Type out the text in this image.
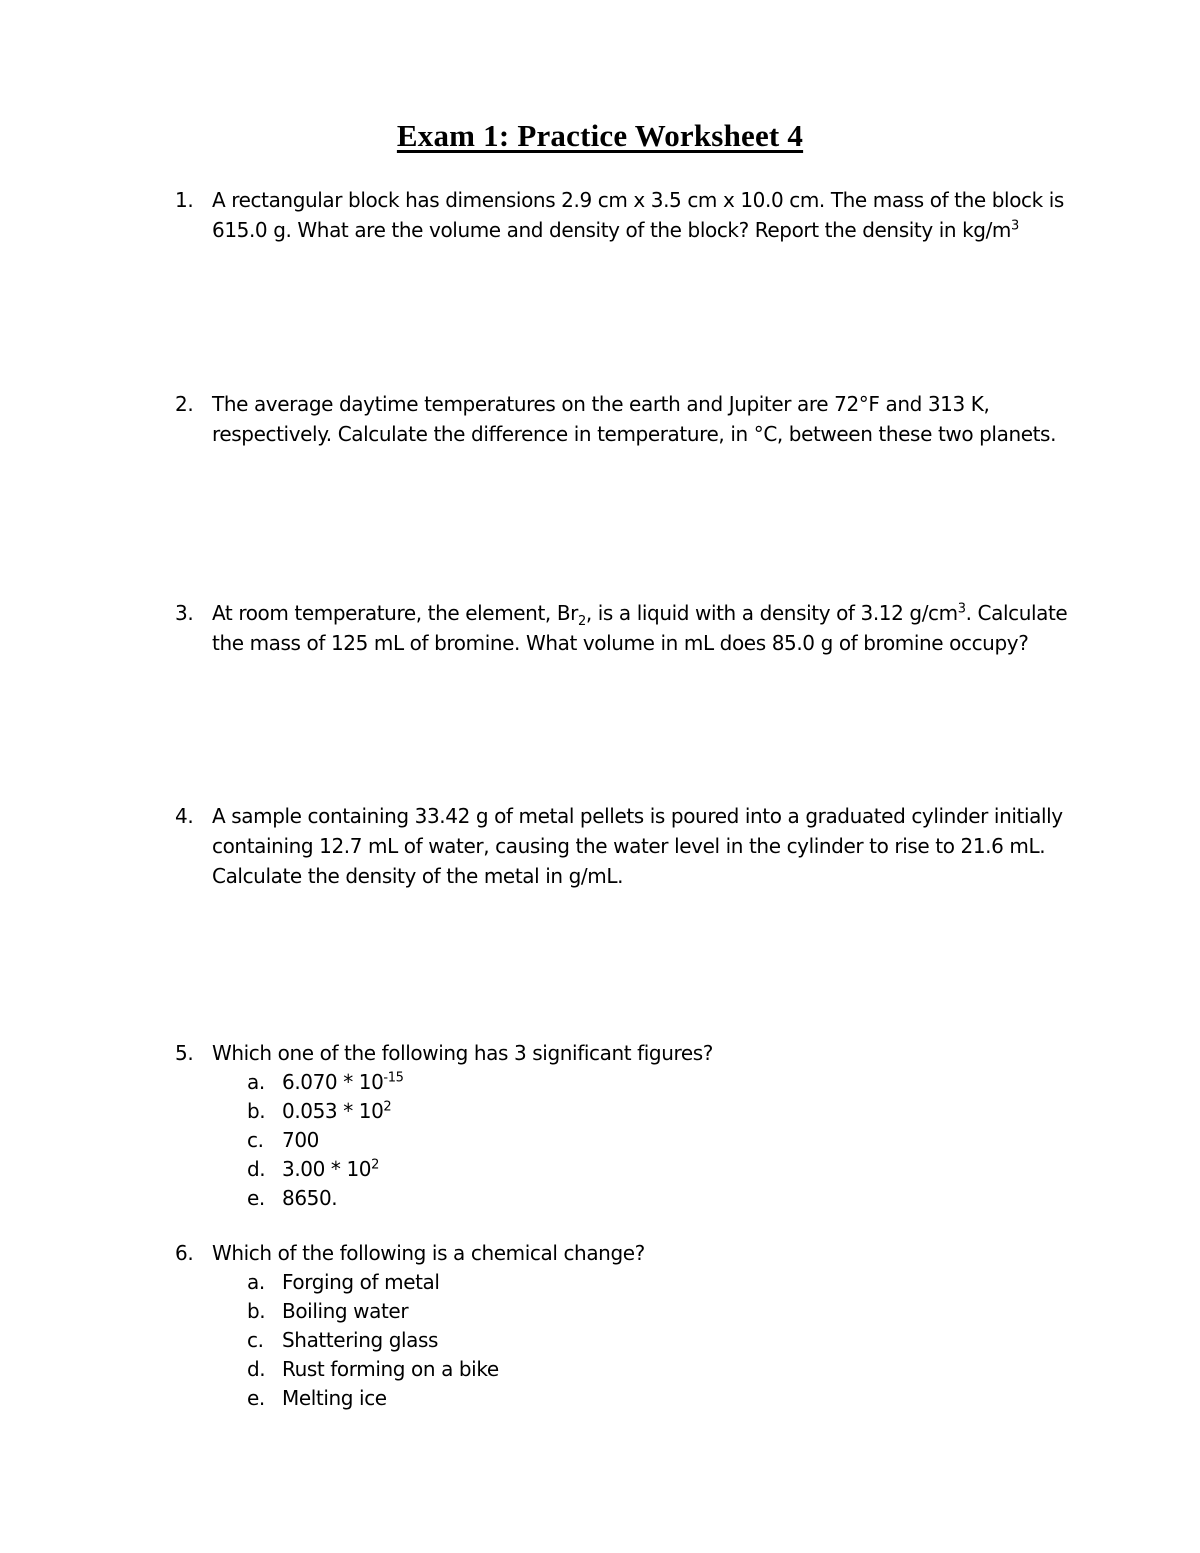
Exam 1: Practice Worksheet 4
1. A rectangular block has dimensions 2.9 cm x 3.5 cm x 10.0 cm. The mass of the block is
615.0 g. What are the volume and density of the block? Report the density in $kg/m^3$
2. The average daytime temperatures on the earth and Jupiter are 72°F and 313 K,
respectively. Calculate the difference in temperature, in °C, between these two planets.
3. At room temperature, the element, $Br_2$, is a liquid with a density of 3.12 $g/cm^3$. Calculate
the mass of 125 mL of bromine. What volume in mL does 85.0 g of bromine occupy?
4. A sample containing 33.42 g of metal pellets is poured into a graduated cylinder initially
containing 12.7 mL of water, causing the water level in the cylinder to rise to 21.6 mL.
Calculate the density of the metal in g/mL.
5. Which one of the following has 3 significant figures?
a. $6.070 * 10^{-15}$
b. $0.053 * 10^2$
c. 700
d. $3.00 * 10^2$
e. 8650.
6. Which of the following is a chemical change?
a. Forging of metal
b. Boiling water
c. Shattering glass
d. Rust forming on a bike
e. Melting ice
